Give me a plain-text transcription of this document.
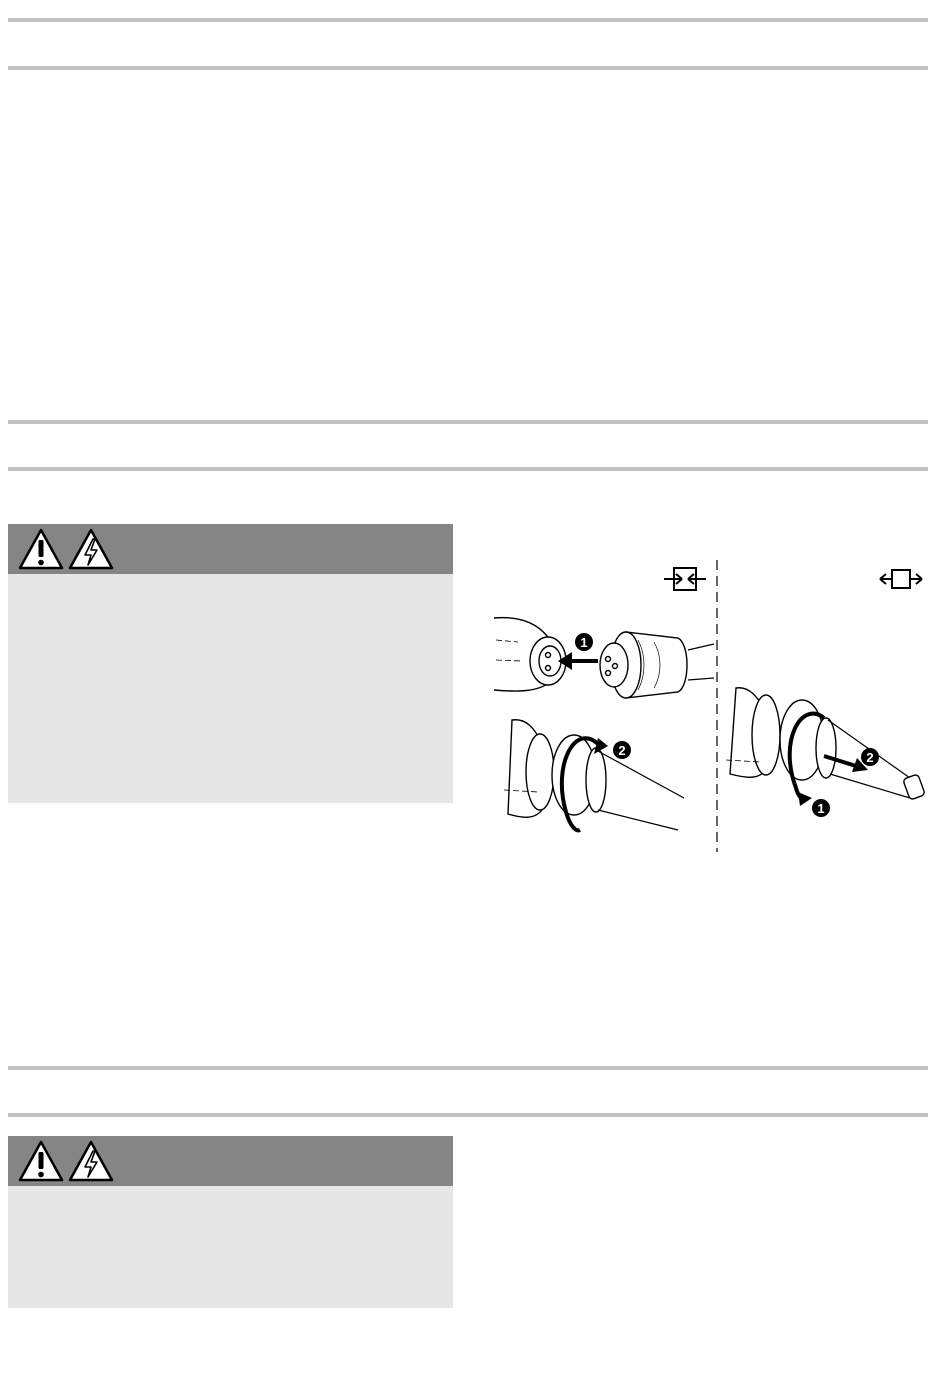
1
2
1
2
